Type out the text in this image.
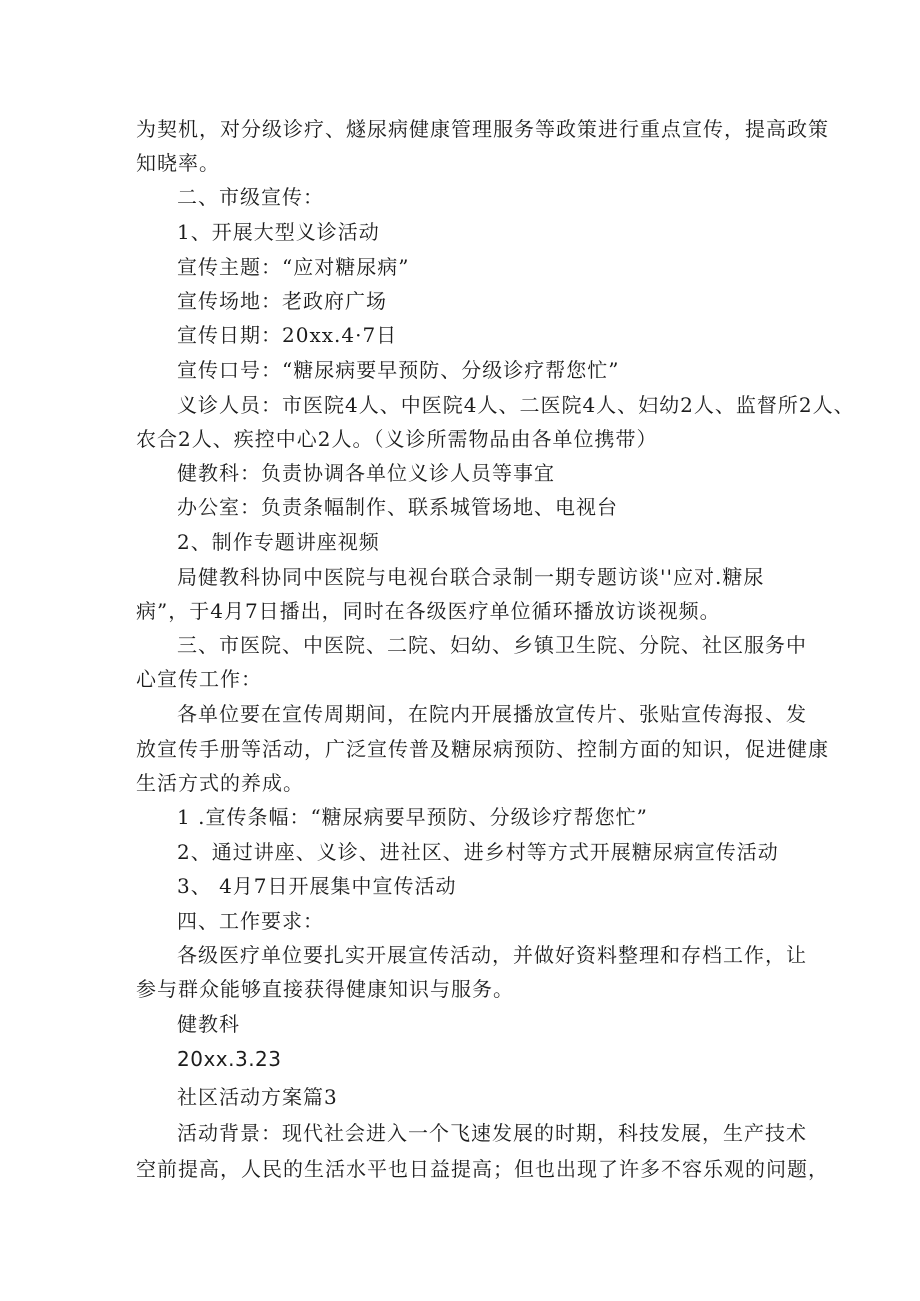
为契机，对分级诊疗、燧尿病健康管理服务等政策进行重点宣传，提高政策
知晓率。
二、市级宣传：
1、开展大型义诊活动
宣传主题：“应对糖尿病”
宣传场地：老政府广场
宣传日期：20xx.4·7日
宣传口号：“糖尿病要早预防、分级诊疗帮您忙”
义诊人员：市医院4人、中医院4人、二医院4人、妇幼2人、监督所2人、
农合2人、疾控中心2人。（义诊所需物品由各单位携带）
健教科：负责协调各单位义诊人员等事宜
办公室：负责条幅制作、联系城管场地、电视台
2、制作专题讲座视频
局健教科协同中医院与电视台联合录制一期专题访谈''应对.糖尿
病”，于4月7日播出，同时在各级医疗单位循环播放访谈视频。
三、市医院、中医院、二院、妇幼、乡镇卫生院、分院、社区服务中
心宣传工作：
各单位要在宣传周期间，在院内开展播放宣传片、张贴宣传海报、发
放宣传手册等活动，广泛宣传普及糖尿病预防、控制方面的知识，促进健康
生活方式的养成。
1 .宣传条幅：“糖尿病要早预防、分级诊疗帮您忙”
2、通过讲座、义诊、进社区、进乡村等方式开展糖尿病宣传活动
3、 4月7日开展集中宣传活动
四、工作要求：
各级医疗单位要扎实开展宣传活动，并做好资料整理和存档工作，让
参与群众能够直接获得健康知识与服务。
健教科
20xx.3.23
社区活动方案篇3
活动背景：现代社会进入一个飞速发展的时期，科技发展，生产技术
空前提高，人民的生活水平也日益提高；但也出现了许多不容乐观的问题，
